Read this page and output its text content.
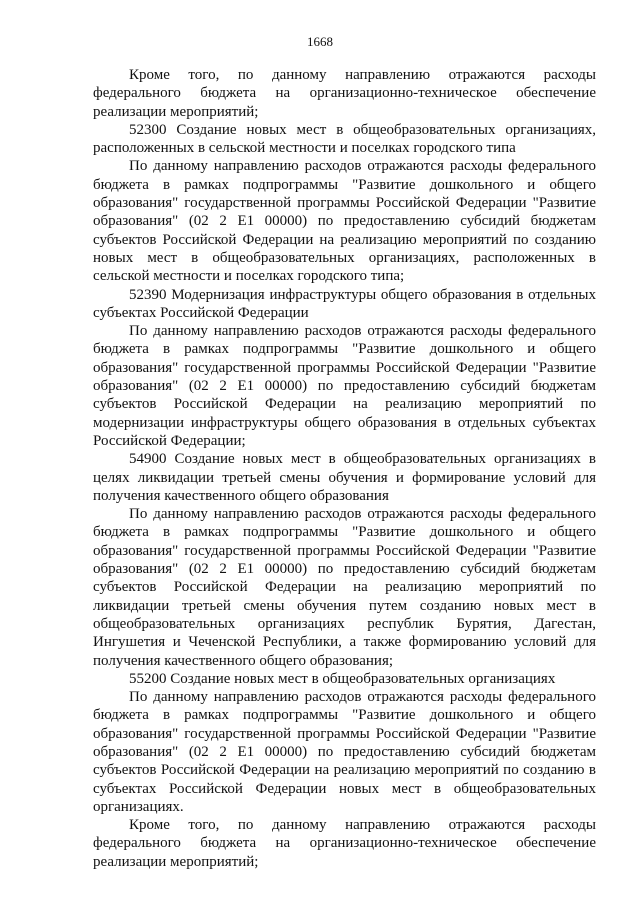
1668
Кроме того, по данному направлению отражаются расходы
федерального бюджета на организационно-техническое обеспечение
реализации мероприятий;
52300 Создание новых мест в общеобразовательных организациях,
расположенных в сельской местности и поселках городского типа
По данному направлению расходов отражаются расходы федерального
бюджета в рамках подпрограммы "Развитие дошкольного и общего
образования" государственной программы Российской Федерации "Развитие
образования" (02 2 E1 00000) по предоставлению субсидий бюджетам
субъектов Российской Федерации на реализацию мероприятий по созданию
новых мест в общеобразовательных организациях, расположенных в
сельской местности и поселках городского типа;
52390 Модернизация инфраструктуры общего образования в отдельных
субъектах Российской Федерации
По данному направлению расходов отражаются расходы федерального
бюджета в рамках подпрограммы "Развитие дошкольного и общего
образования" государственной программы Российской Федерации "Развитие
образования" (02 2 E1 00000) по предоставлению субсидий бюджетам
субъектов Российской Федерации на реализацию мероприятий по
модернизации инфраструктуры общего образования в отдельных субъектах
Российской Федерации;
54900 Создание новых мест в общеобразовательных организациях в
целях ликвидации третьей смены обучения и формирование условий для
получения качественного общего образования
По данному направлению расходов отражаются расходы федерального
бюджета в рамках подпрограммы "Развитие дошкольного и общего
образования" государственной программы Российской Федерации "Развитие
образования" (02 2 E1 00000) по предоставлению субсидий бюджетам
субъектов Российской Федерации на реализацию мероприятий по
ликвидации третьей смены обучения путем созданию новых мест в
общеобразовательных организациях республик Бурятия, Дагестан,
Ингушетия и Чеченской Республики, а также формированию условий для
получения качественного общего образования;
55200 Создание новых мест в общеобразовательных организациях
По данному направлению расходов отражаются расходы федерального
бюджета в рамках подпрограммы "Развитие дошкольного и общего
образования" государственной программы Российской Федерации "Развитие
образования" (02 2 E1 00000) по предоставлению субсидий бюджетам
субъектов Российской Федерации на реализацию мероприятий по созданию в
субъектах Российской Федерации новых мест в общеобразовательных
организациях.
Кроме того, по данному направлению отражаются расходы
федерального бюджета на организационно-техническое обеспечение
реализации мероприятий;
